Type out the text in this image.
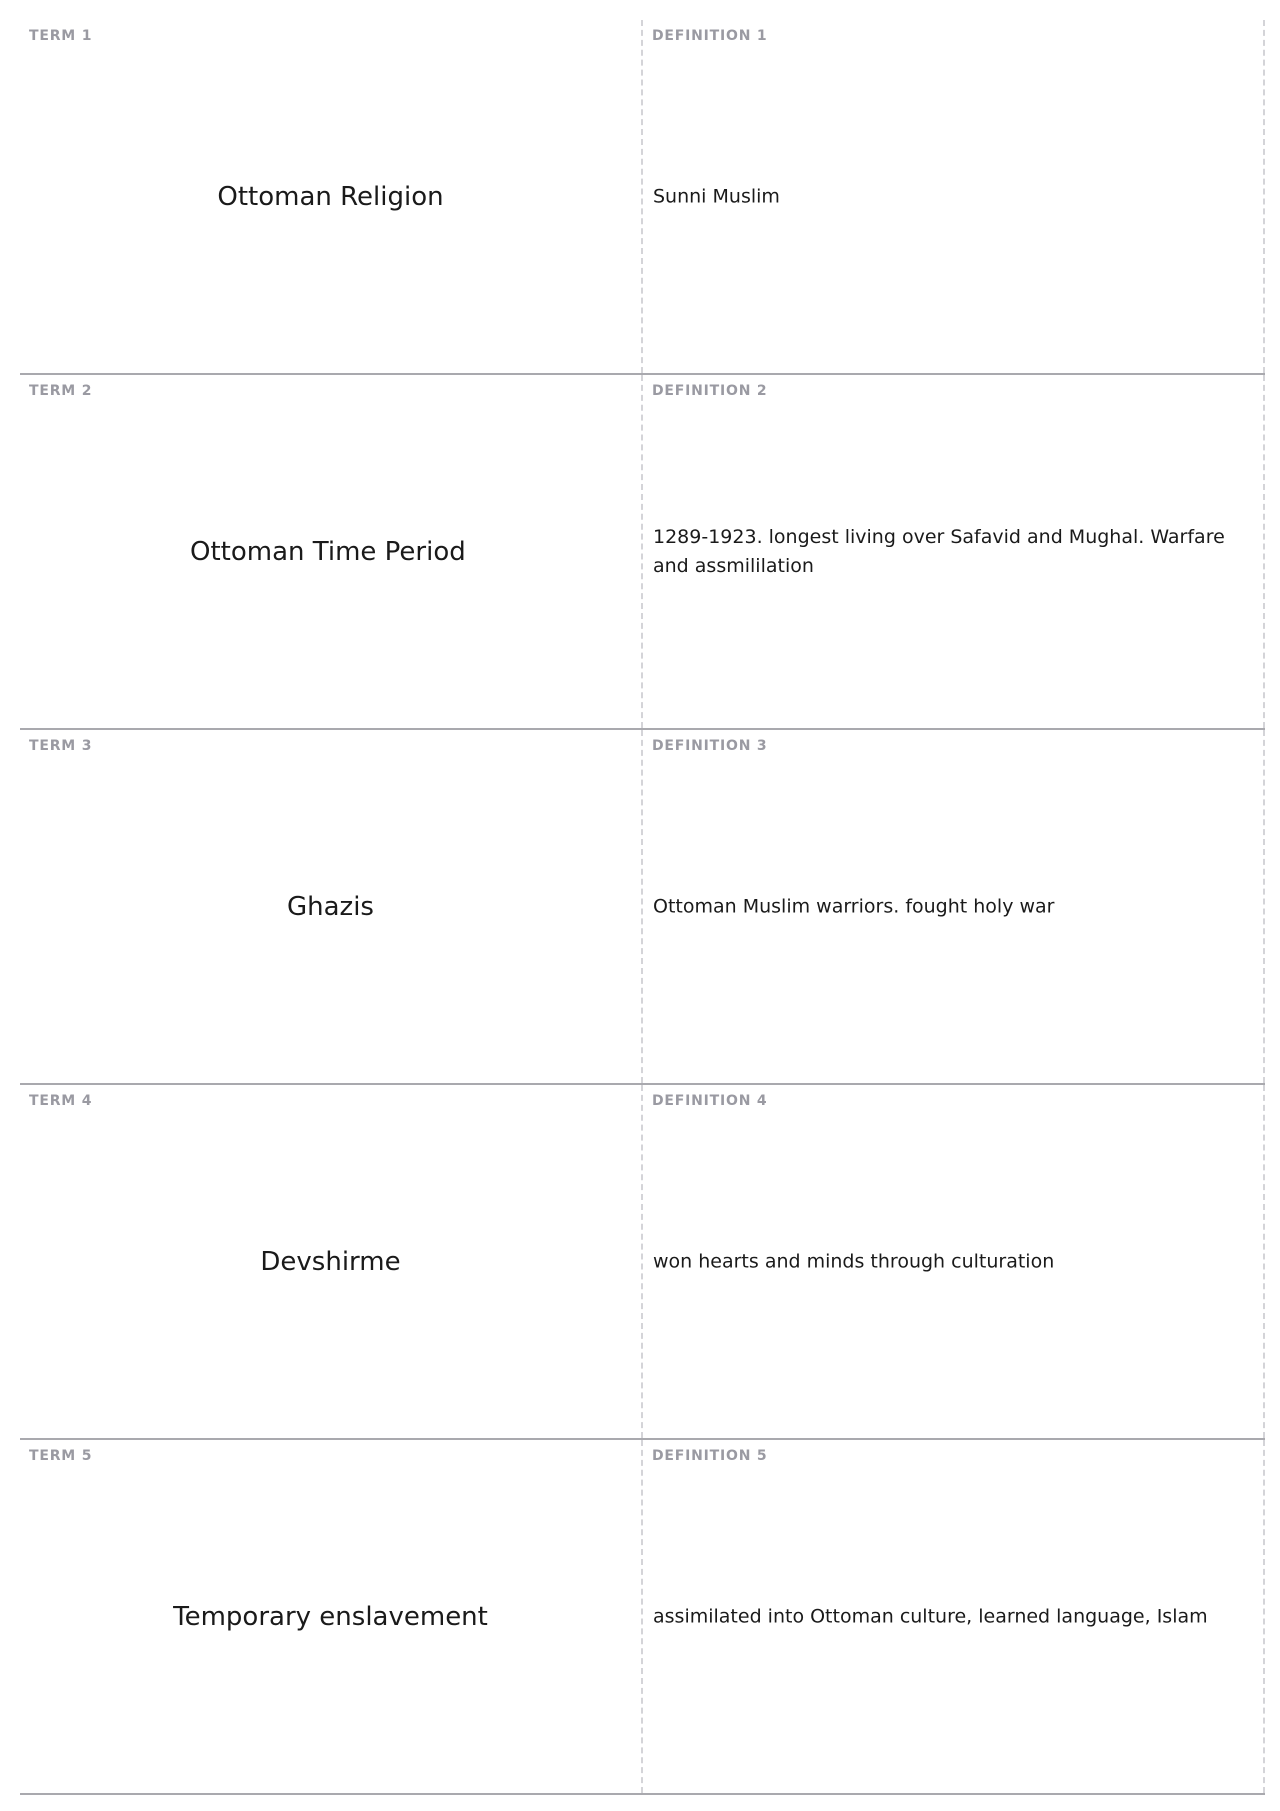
TERM 1
Ottoman Religion
DEFINITION 1
Sunni Muslim
TERM 2
Ottoman Time Period
DEFINITION 2
1289-1923. longest living over Safavid and Mughal. Warfare and assmililation
TERM 3
Ghazis
DEFINITION 3
Ottoman Muslim warriors. fought holy war
TERM 4
Devshirme
DEFINITION 4
won hearts and minds through culturation
TERM 5
Temporary enslavement
DEFINITION 5
assimilated into Ottoman culture, learned language, Islam
